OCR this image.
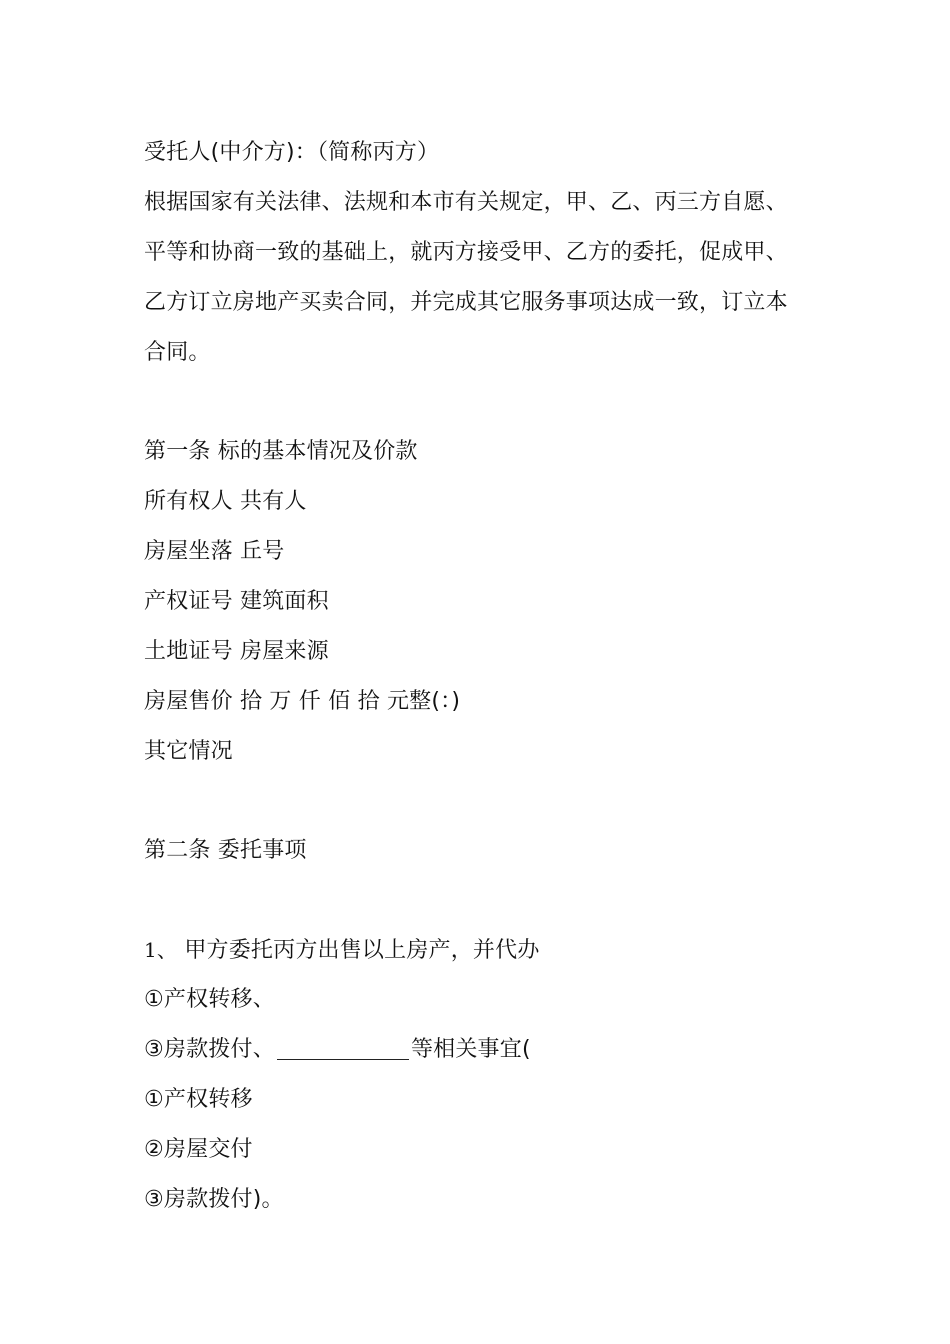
受托人(中介方)：（简称丙方）
根据国家有关法律、法规和本市有关规定，甲、乙、丙三方自愿、
平等和协商一致的基础上，就丙方接受甲、乙方的委托，促成甲、
乙方订立房地产买卖合同，并完成其它服务事项达成一致，订立本
合同。
第一条 标的基本情况及价款
所有权人 共有人
房屋坐落 丘号
产权证号 建筑面积
土地证号 房屋来源
房屋售价 拾 万 仟 佰 拾 元整(：)
其它情况
第二条 委托事项
1、 甲方委托丙方出售以上房产，并代办
①产权转移、
③房款拨付、	等相关事宜(
①产权转移
②房屋交付
③房款拨付)。
